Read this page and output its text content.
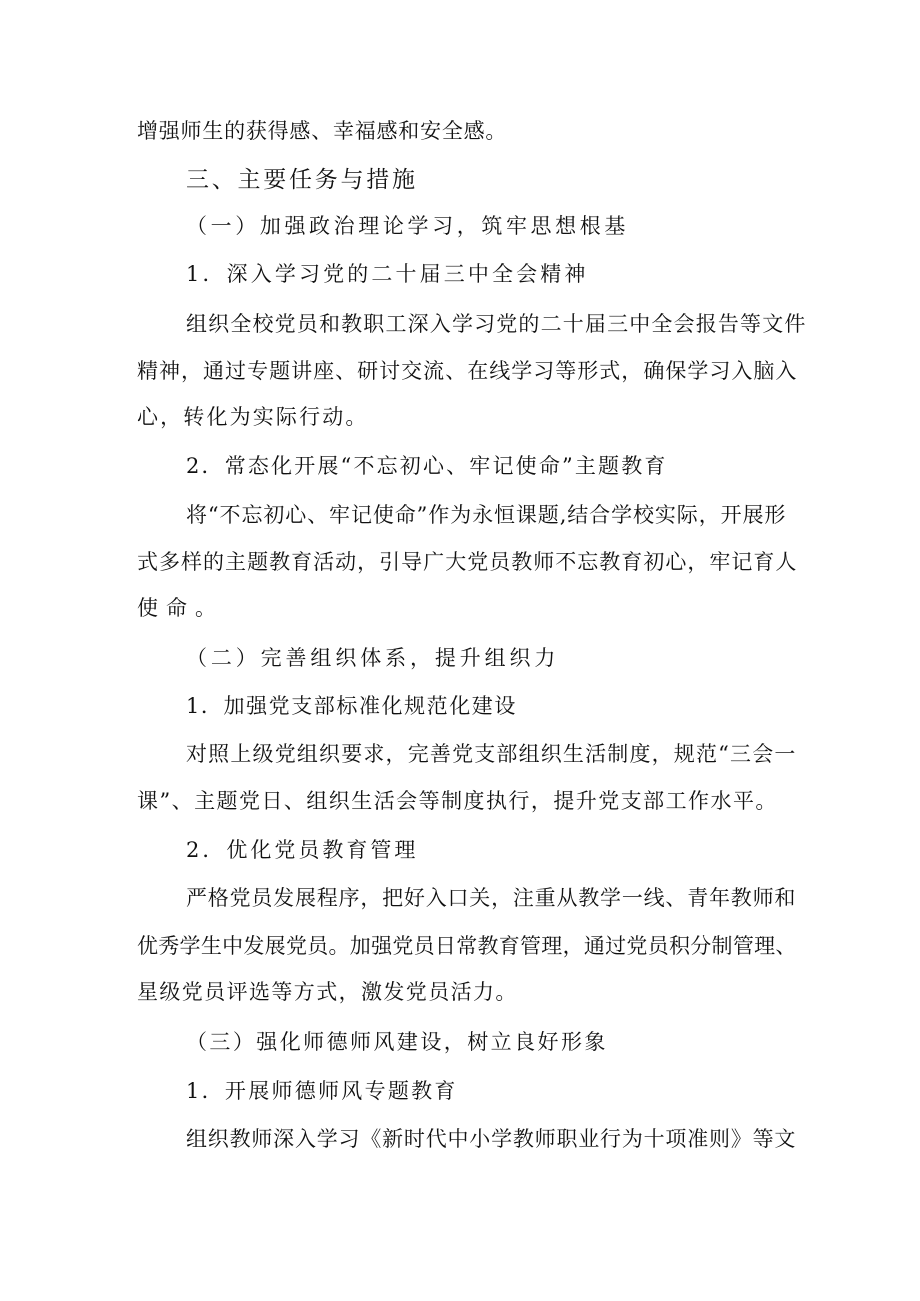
增强师生的获得感、幸福感和安全感。
三、主要任务与措施
（一）加强政治理论学习，筑牢思想根基
1．深入学习党的二十届三中全会精神
组织全校党员和教职工深入学习党的二十届三中全会报告等文件
精神，通过专题讲座、研讨交流、在线学习等形式，确保学习入脑入
心，转化为实际行动。
2．常态化开展“不忘初心、牢记使命”主题教育
将“不忘初心、牢记使命”作为永恒课题,结合学校实际，开展形
式多样的主题教育活动，引导广大党员教师不忘教育初心，牢记育人
使命。
（二）完善组织体系，提升组织力
1．加强党支部标准化规范化建设
对照上级党组织要求，完善党支部组织生活制度，规范“三会一
课”、主题党日、组织生活会等制度执行，提升党支部工作水平。
2．优化党员教育管理
严格党员发展程序，把好入口关，注重从教学一线、青年教师和
优秀学生中发展党员。加强党员日常教育管理，通过党员积分制管理、
星级党员评选等方式，激发党员活力。
（三）强化师德师风建设，树立良好形象
1．开展师德师风专题教育
组织教师深入学习《新时代中小学教师职业行为十项准则》等文
